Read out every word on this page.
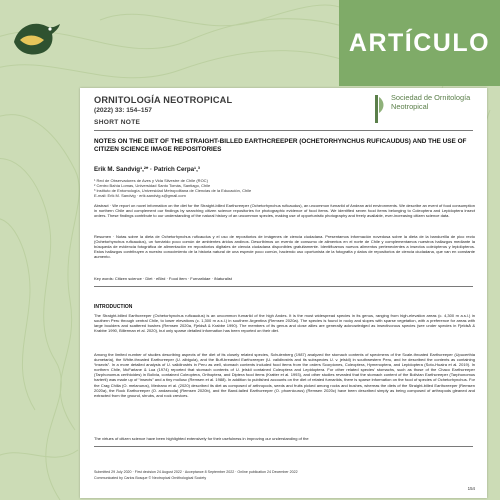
ARTÍCULO
ORNITOLOGÍA NEOTROPICAL
(2022) 33: 154–157
SHORT NOTE
Sociedad de Ornitología Neotropical
NOTES ON THE DIET OF THE STRAIGHT-BILLED EARTHCREEPER (OCHETORHYNCHUS RUFICAUDUS) AND THE USE OF CITIZEN SCIENCE IMAGE REPOSITORIES
Erik M. Sandvig¹,²* · Patrich Cerpa¹,³
¹ Red de Observadores de Aves y Vida Silvestre de Chile (ROC)
² Centro Bahía Lomas, Universidad Santo Tomás, Santiago, Chile
³ Instituto de Entomología, Universidad Metropolitana de Ciencias de la Educación, Chile
E-mail: Erik M. Sandvig · erik.sandvig.s@gmail.com
Abstract · We report on novel information on the diet for the Straight-billed Earthcreeper (Ochetorhynchus ruficaudus), an uncommon furnariid of Andean arid environments. We describe an event of food consumption in northern Chile and complement our findings by searching citizen science repositories for photographic evidence of food items. We identified seven food items belonging to Coleoptera and Lepidoptera insect orders. These findings contribute to our understanding of the natural history of an uncommon species, making use of opportunistic photography and freely available, ever-increasing citizen science data.
Resumen · Notas sobre la dieta de Ochetorhynchus ruficaudus y el uso de repositorios de imágenes de ciencia ciudadana. Presentamos información novedosa sobre la dieta de la bandurrilla de pico recto (Ochetorhynchus ruficaudus), un furnárido poco común de ambientes áridos andinos. Describimos un evento de consumo de alimentos en el norte de Chile y complementamos nuestros hallazgos mediante la búsqueda de evidencia fotográfica de alimentación en repositorios digitales de ciencia ciudadana disponibles gratuitamente. Identificamos nuevos alimentos pertenecientes a insectos coleópteros y lepidópteros. Estos hallazgos contribuyen a nuestro conocimiento de la historia natural de una especie poco común, haciendo uso oportunista de la fotografía y datos de repositorios de ciencia ciudadana, que van en constante aumento.
Key words: Citizen science · Diet · eBird · Food item · Furnariidae · iNaturalist
INTRODUCTION
The Straight-billed Earthcreeper (Ochetorhynchus ruficaudus) is an uncommon furnariid of the high Andes. It is the most widespread species in its genus, ranging from high-elevation areas (c. 4,300 m a.s.l.) in southern Peru through central Chile, to lower elevations (c. 1,300 m a.s.l.) in southern Argentina (Remsen 2020a). The species is found in rocky and slopes with sparse vegetation, with a preference for areas with large boulders and scattered bushes (Remsen 2020a, Fjeldså & Krabbe 1990). The members of its genus and close allies are generally acknowledged as insectivorous species (see under species in Fjeldså & Krabbe 1990, Billerman et al. 2020), but only sparse detailed information has been reported on their diet.
Among the limited number of studies describing aspects of the diet of its closely related species, Schulenberg (1987) analyzed the stomach contents of specimens of the Scale-throated Earthcreeper (Upucerthia dumetaria), the White-throated Earthcreeper (U. albigula), and the Buff-breasted Earthcreeper (U. validirostris and its subspecies U. v. jelskii) in southwestern Peru, and he described the contents as containing “insects”. In a more detailed analysis of U. validirostris in Peru as well, stomach contents included food items from the orders Scorpiones, Coleoptera, Hymenoptera, and Lepidoptera (Soto-Huaira et al. 2019). In northern Chile, McFarlane & Lua (1974) reported that stomach contents of U. jelskii contained Coleoptera and Lepidoptera. For other related species' stomachs, such as those of the Chaco Earthcreeper (Tarphonomus certhioides) in Bolivia, contained Coleoptera, Orthoptera, and Diptera food items (Kratter et al. 1993), and other studies revealed that the stomach content of the Bolivian Earthcreeper (Tarphonomus harterti) was made up of “insects” and a tiny mollusc (Remsen et al. 1988). In addition to published accounts on the diet of related furnariids, there is sparse information on the food of species of Ochetorhynchus. For the Crag Chilia (O. melanurus), Medrano et al. (2020) described its diet as composed of arthropods, seeds and fruits picked among rocks and bushes, whereas the diets of the Straight-billed Earthcreeper (Remsen 2020a), the Rock Earthcreeper (O. andaecola) (Remsen 2020b), and the Band-tailed Earthcreeper (O. phoenicurus) (Remsen 2020c) have been described simply as being composed of arthropods gleaned and extracted from the ground, shrubs, and rock crevices.
The virtues of citizen science have been highlighted extensively for their usefulness in improving our understanding of the
Submitted 29 July 2020 · First decision 24 August 2022 · Acceptance 8 September 2022 · Online publication 24 December 2022
Communicated by Carlos Bosque © Neotropical Ornithological Society
154
